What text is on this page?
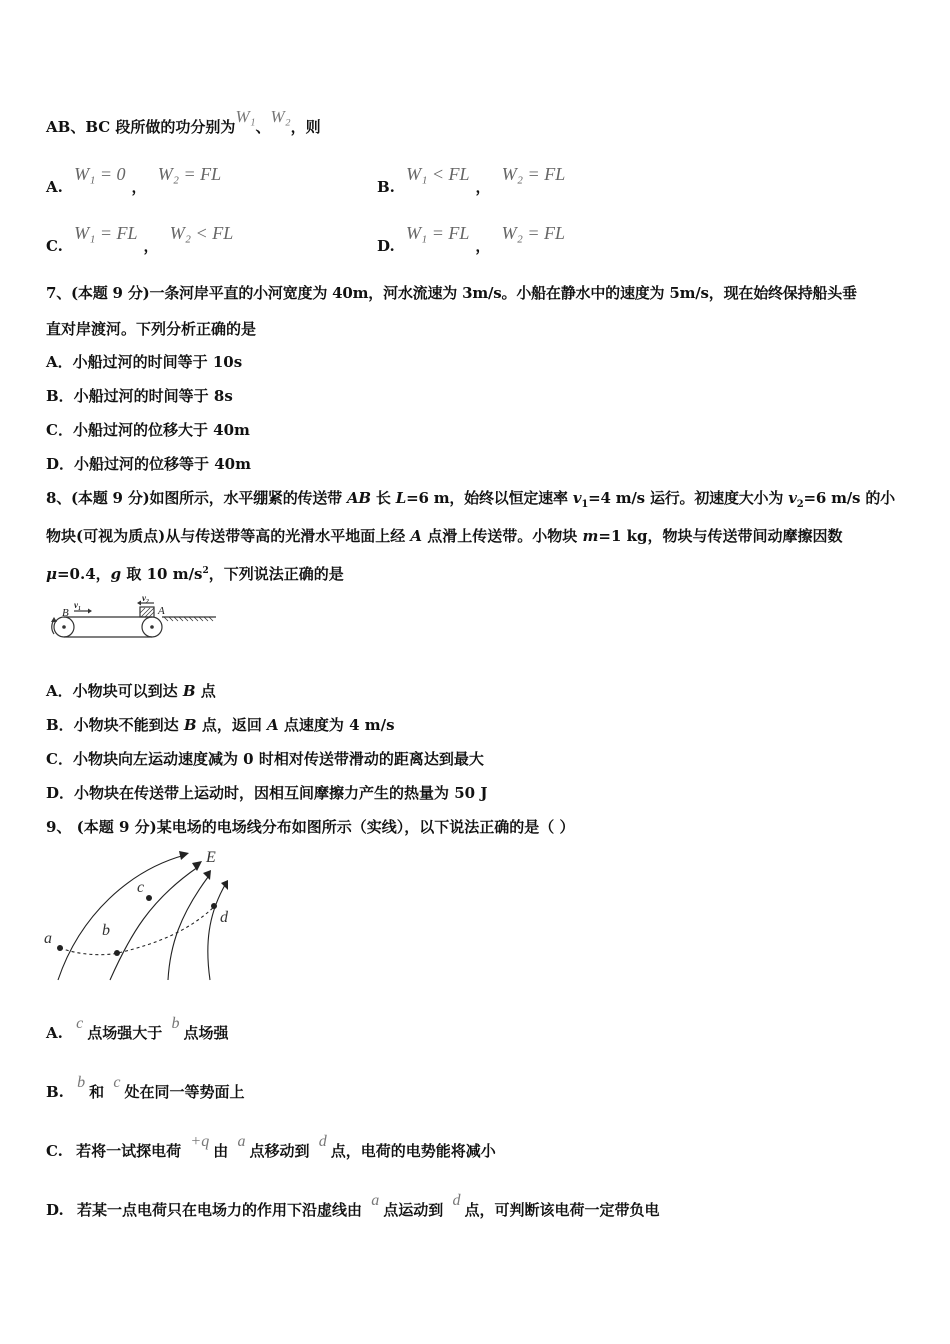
AB、BC 段所做的功分别为W₁、W₂，则
A. W₁ = 0， W₂ = FL
B. W₁ < FL， W₂ = FL
C. W₁ = FL， W₂ < FL
D. W₁ = FL， W₂ = FL
7、(本题 9 分)一条河岸平直的小河宽度为 40m，河水流速为 3m/s。小船在静水中的速度为 5m/s，现在始终保持船头垂
直对岸渡河。下列分析正确的是
A．小船过河的时间等于 10s
B．小船过河的时间等于 8s
C．小船过河的位移大于 40m
D．小船过河的位移等于 40m
8、(本题 9 分)如图所示，水平绷紧的传送带 AB 长 L=6 m，始终以恒定速率 $v_1=4$ m/s 运行。初速度大小为 $v_2=6$ m/s 的小
物块(可视为质点)从与传送带等高的光滑水平地面上经 A 点滑上传送带。小物块 m=1 kg，物块与传送带间动摩擦因数
μ=0.4，g 取 10 $m/s^2$，下列说法正确的是
B
v₁
v₂
A
A．小物块可以到达 B 点
B．小物块不能到达 B 点，返回 A 点速度为 4 m/s
C．小物块向左运动速度减为 0 时相对传送带滑动的距离达到最大
D．小物块在传送带上运动时，因相互间摩擦力产生的热量为 50 J
9、 (本题 9 分)某电场的电场线分布如图所示（实线），以下说法正确的是（ ）
E
a	b
c
d
A. c点场强大于 b点场强
B. b和 c处在同一等势面上
C. 若将一试探电荷 +q由 a点移动到 d点，电荷的电势能将减小
D. 若某一点电荷只在电场力的作用下沿虚线由 a点运动到 d点，可判断该电荷一定带负电
